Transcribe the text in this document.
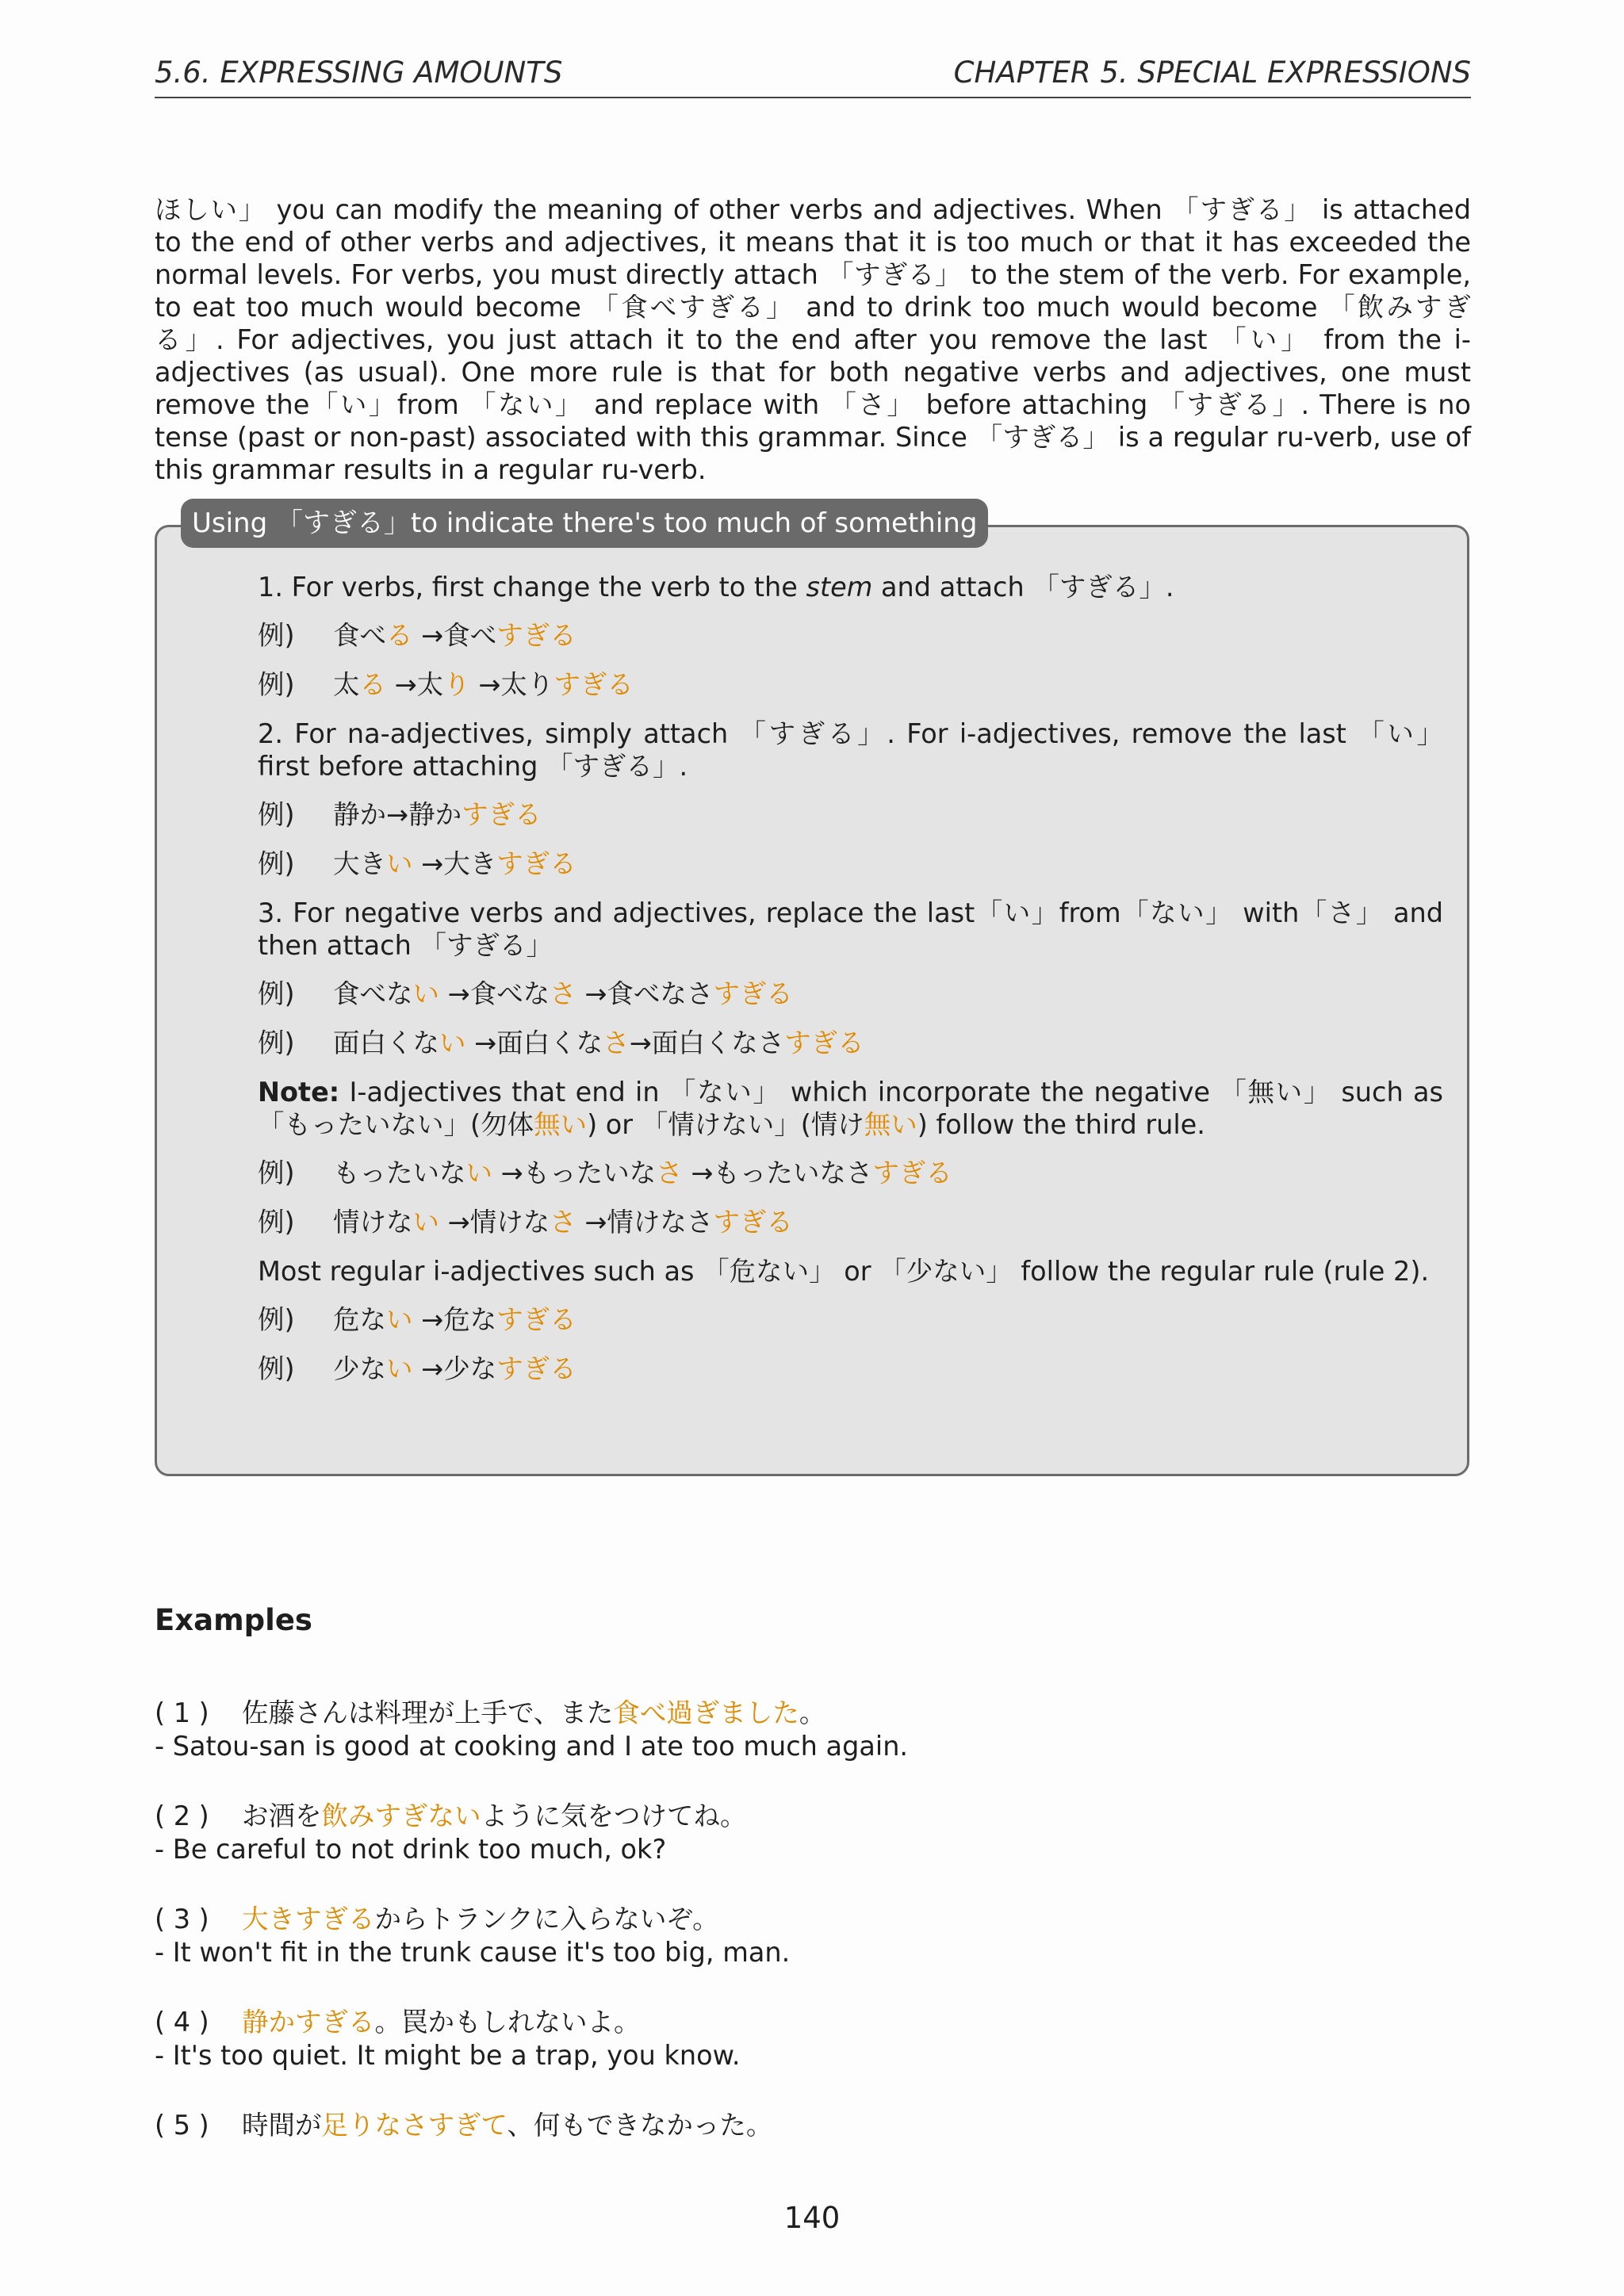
5.6. EXPRESSING AMOUNTS	CHAPTER 5. SPECIAL EXPRESSIONS

ほしい」 you can modify the meaning of other verbs and adjectives. When 「すぎる」 is attached to the end of other verbs and adjectives, it means that it is too much or that it has exceeded the normal levels. For verbs, you must directly attach 「すぎる」 to the stem of the verb. For example, to eat too much would become 「食べすぎる」 and to drink too much would become 「飲みすぎる」. For adjectives, you just attach it to the end after you remove the last 「い」 from the i-adjectives (as usual). One more rule is that for both negative verbs and adjectives, one must remove the「い」from 「ない」 and replace with 「さ」 before attaching 「すぎる」. There is no tense (past or non-past) associated with this grammar. Since 「すぎる」 is a regular ru-verb, use of this grammar results in a regular ru-verb.

Using 「すぎる」to indicate there's too much of something

1. For verbs, first change the verb to the stem and attach 「すぎる」.

例) 食べる →食べすぎる
例) 太る →太り →太りすぎる

2. For na-adjectives, simply attach 「すぎる」. For i-adjectives, remove the last 「い」 first before attaching 「すぎる」.

例) 静か→静かすぎる
例) 大きい →大きすぎる

3. For negative verbs and adjectives, replace the last「い」from「ない」 with「さ」 and then attach 「すぎる」

例) 食べない →食べなさ →食べなさすぎる
例) 面白くない →面白くなさ→面白くなさすぎる

Note: I-adjectives that end in 「ない」 which incorporate the negative 「無い」 such as「もったいない」(勿体無い) or 「情けない」(情け無い) follow the third rule.

例) もったいない →もったいなさ →もったいなさすぎる
例) 情けない →情けなさ →情けなさすぎる

Most regular i-adjectives such as 「危ない」 or 「少ない」 follow the regular rule (rule 2).

例) 危ない →危なすぎる
例) 少ない →少なすぎる
Examples
( 1 ) 佐藤さんは料理が上手で、また食べ過ぎました。
- Satou-san is good at cooking and I ate too much again.
( 2 ) お酒を飲みすぎないように気をつけてね。
- Be careful to not drink too much, ok?
( 3 ) 大きすぎるからトランクに入らないぞ。
- It won't fit in the trunk cause it's too big, man.
( 4 ) 静かすぎる。罠かもしれないよ。
- It's too quiet. It might be a trap, you know.
( 5 ) 時間が足りなさすぎて、何もできなかった。
140
